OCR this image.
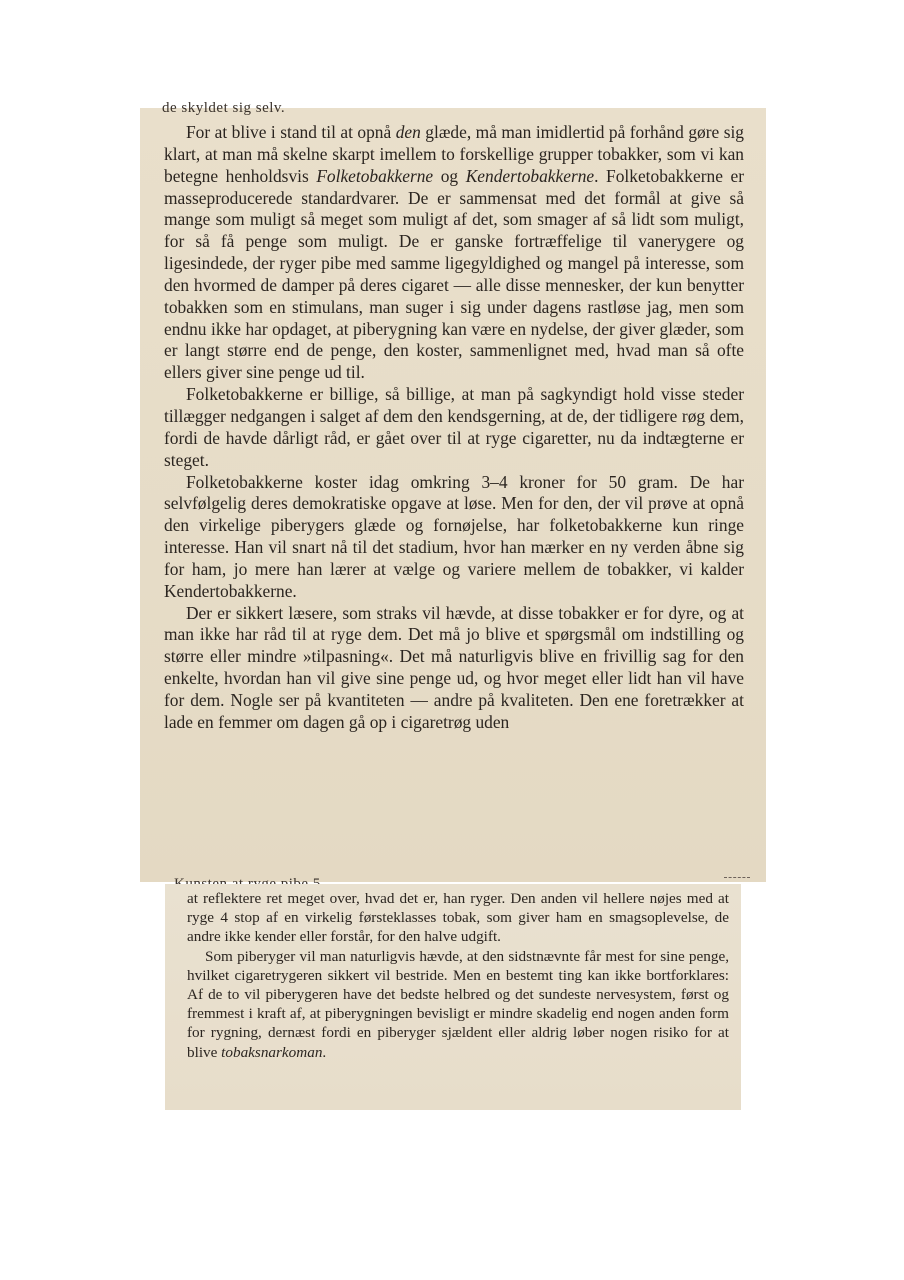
de skyldet sig selv.

For at blive i stand til at opnå den glæde, må man imidlertid på forhånd gøre sig klart, at man må skelne skarpt imellem to forskellige grupper tobakker, som vi kan betegne henholdsvis Folketobakkerne og Kendertobakkerne. Folketobakkerne er masseproducerede standardvarer. De er sammensat med det formål at give så mange som muligt så meget som muligt af det, som smager af så lidt som muligt, for så få penge som muligt. De er ganske fortræffelige til vanerygere og ligesindede, der ryger pibe med samme ligegyldighed og mangel på interesse, som den hvormed de damper på deres cigaret — alle disse mennesker, der kun benytter tobakken som en stimulans, man suger i sig under dagens rastløse jag, men som endnu ikke har opdaget, at piberygning kan være en nydelse, der giver glæder, som er langt større end de penge, den koster, sammenlignet med, hvad man så ofte ellers giver sine penge ud til.

Folketobakkerne er billige, så billige, at man på sagkyndigt hold visse steder tillægger nedgangen i salget af dem den kendsgerning, at de, der tidligere røg dem, fordi de havde dårligt råd, er gået over til at ryge cigaretter, nu da indtægterne er steget.

Folketobakkerne koster idag omkring 3–4 kroner for 50 gram. De har selvfølgelig deres demokratiske opgave at løse. Men for den, der vil prøve at opnå den virkelige piberygers glæde og fornøjelse, har folketobakkerne kun ringe interesse. Han vil snart nå til det stadium, hvor han mærker en ny verden åbne sig for ham, jo mere han lærer at vælge og variere mellem de tobakker, vi kalder Kendertobakkerne.

Der er sikkert læsere, som straks vil hævde, at disse tobakker er for dyre, og at man ikke har råd til at ryge dem. Det må jo blive et spørgsmål om indstilling og større eller mindre »tilpasning«. Det må naturligvis blive en frivillig sag for den enkelte, hvordan han vil give sine penge ud, og hvor meget eller lidt han vil have for dem. Nogle ser på kvantiteten — andre på kvaliteten. Den ene foretrækker at lade en femmer om dagen gå op i cigaretrøg uden

at reflektere ret meget over, hvad det er, han ryger. Den anden vil hellere nøjes med at ryge 4 stop af en virkelig førsteklasses tobak, som giver ham en smagsoplevelse, de andre ikke kender eller forstår, for den halve udgift.

Som piberyger vil man naturligvis hævde, at den sidstnævnte får mest for sine penge, hvilket cigaretrygeren sikkert vil bestride. Men en bestemt ting kan ikke bortforklares: Af de to vil piberygeren have det bedste helbred og det sundeste nervesystem, først og fremmest i kraft af, at piberygningen bevisligt er mindre skadelig end nogen anden form for rygning, dernæst fordi en piberyger sjældent eller aldrig løber nogen risiko for at blive tobaksnarkoman.
